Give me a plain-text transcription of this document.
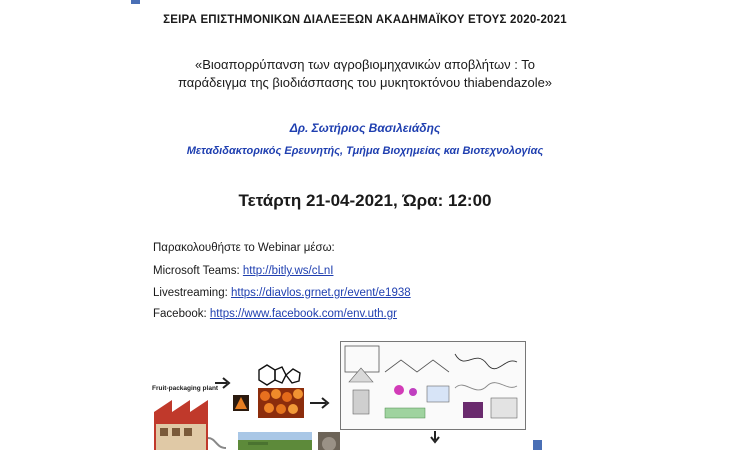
ΣΕΙΡΑ ΕΠΙΣΤΗΜΟΝΙΚΩΝ ΔΙΑΛΕΞΕΩΝ ΑΚΑΔΗΜΑΪΚΟΥ ΕΤΟΥΣ 2020-2021
«Βιοαπορρύπανση των αγροβιομηχανικών αποβλήτων : Το
παράδειγμα της βιοδιάσπασης του μυκητοκτόνου thiabendazole»
Δρ. Σωτήριος Βασιλειάδης
Μεταδιδακτορικός Ερευνητής, Τμήμα Βιοχημείας και Βιοτεχνολογίας
Τετάρτη 21-04-2021, Ώρα: 12:00
Παρακολουθήστε το Webinar μέσω:
Microsoft Teams: http://bitly.ws/cLnI
Livestreaming: https://diavlos.grnet.gr/event/e1938
Facebook: https://www.facebook.com/env.uth.gr
Fruit-packaging plant
